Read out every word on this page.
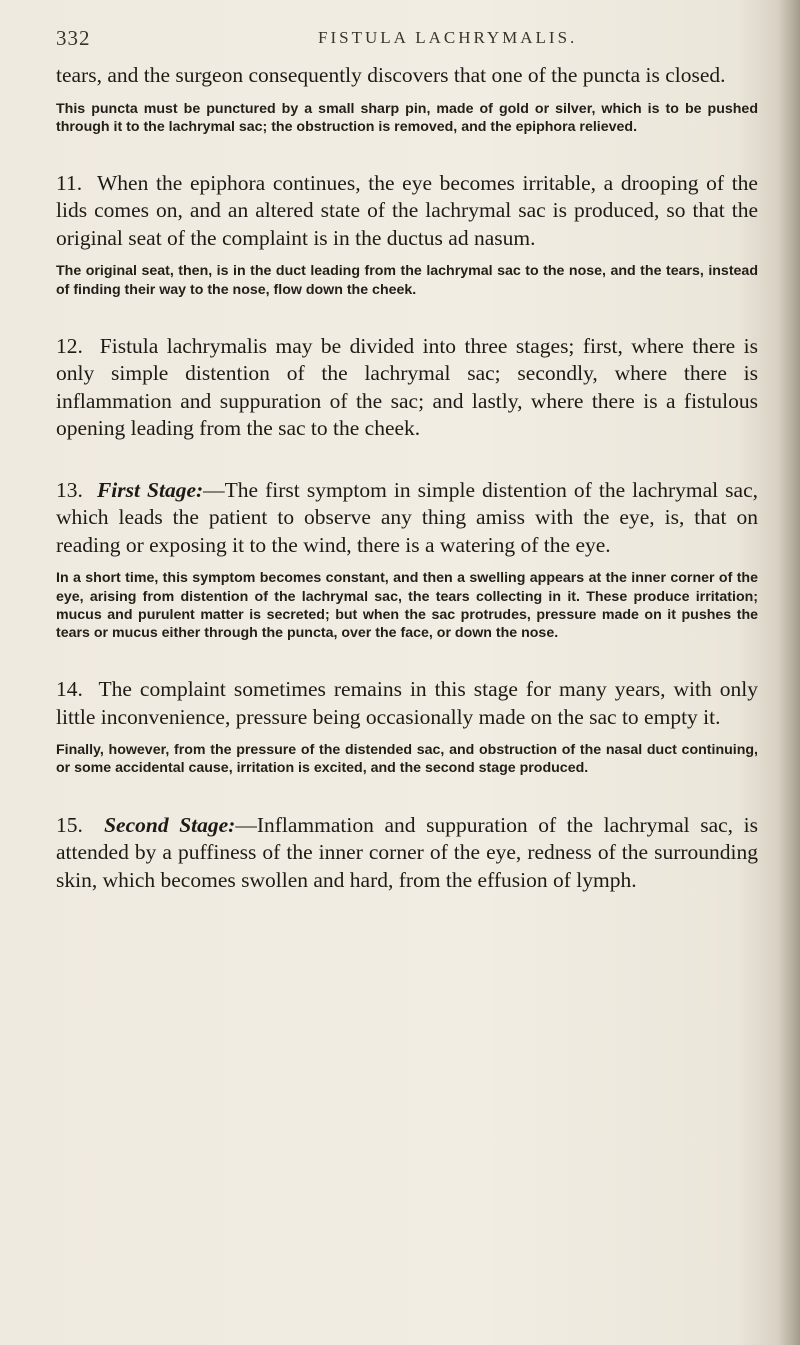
332	FISTULA LACHRYMALIS.

tears, and the surgeon consequently discovers that one of the puncta is closed.

This puncta must be punctured by a small sharp pin, made of gold or silver, which is to be pushed through it to the lachrymal sac; the obstruction is removed, and the epiphora relieved.

11. When the epiphora continues, the eye becomes irritable, a drooping of the lids comes on, and an altered state of the lachrymal sac is produced, so that the original seat of the complaint is in the ductus ad nasum.

The original seat, then, is in the duct leading from the lachrymal sac to the nose, and the tears, instead of finding their way to the nose, flow down the cheek.

12. Fistula lachrymalis may be divided into three stages; first, where there is only simple distention of the lachrymal sac; secondly, where there is inflammation and suppuration of the sac; and lastly, where there is a fistulous opening leading from the sac to the cheek.

13. First Stage:—The first symptom in simple distention of the lachrymal sac, which leads the patient to observe any thing amiss with the eye, is, that on reading or exposing it to the wind, there is a watering of the eye.

In a short time, this symptom becomes constant, and then a swelling appears at the inner corner of the eye, arising from distention of the lachrymal sac, the tears collecting in it. These produce irritation; mucus and purulent matter is secreted; but when the sac protrudes, pressure made on it pushes the tears or mucus either through the puncta, over the face, or down the nose.

14. The complaint sometimes remains in this stage for many years, with only little inconvenience, pressure being occasionally made on the sac to empty it.

Finally, however, from the pressure of the distended sac, and obstruction of the nasal duct continuing, or some accidental cause, irritation is excited, and the second stage produced.

15. Second Stage:—Inflammation and suppuration of the lachrymal sac, is attended by a puffiness of the inner corner of the eye, redness of the surrounding skin, which becomes swollen and hard, from the effusion of lymph.
